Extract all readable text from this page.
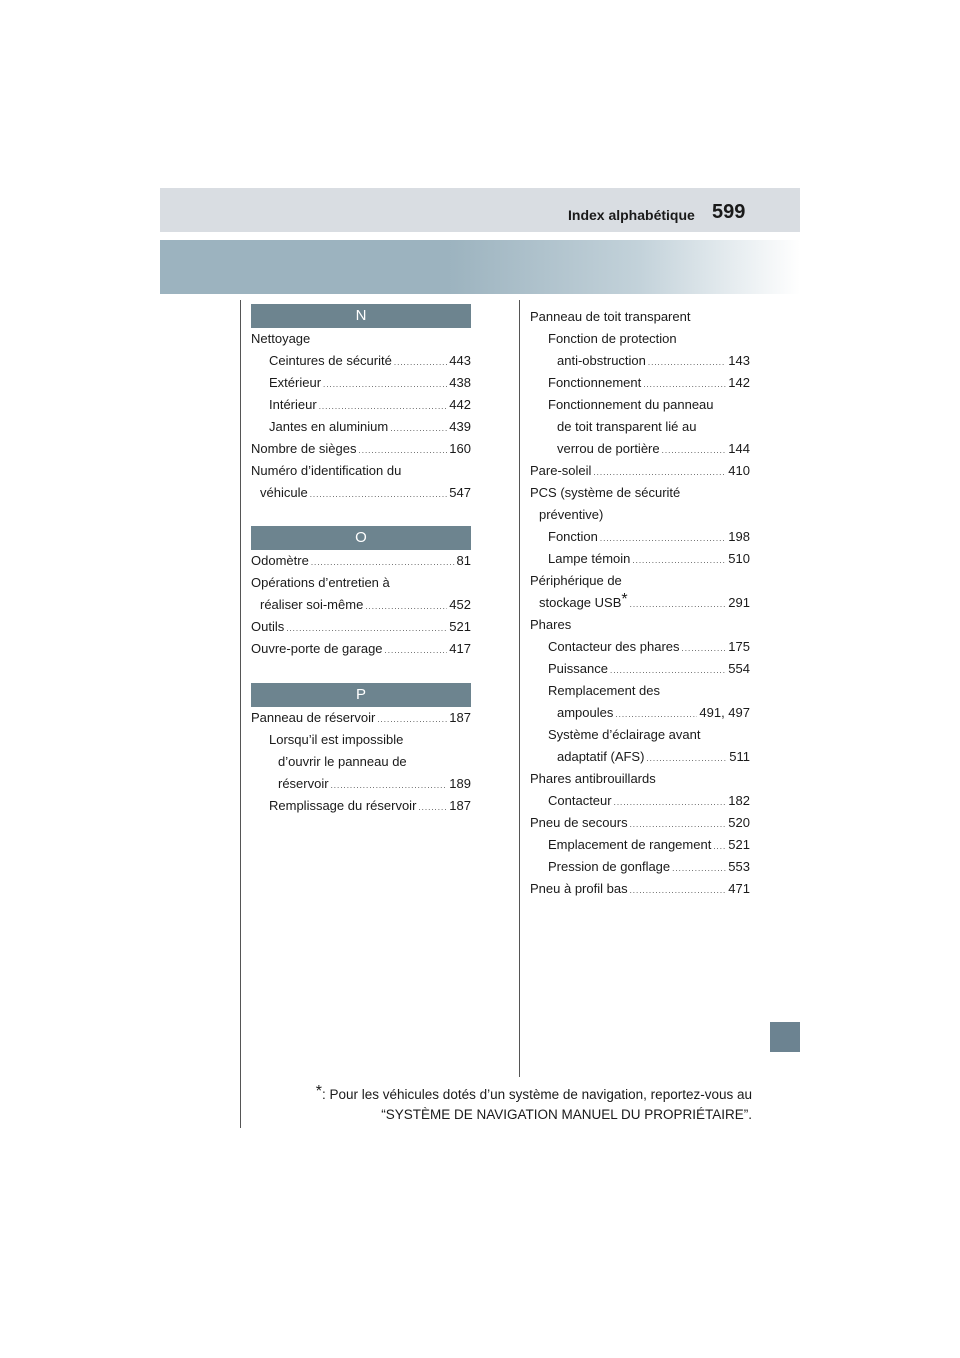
Index alphabétique 599
N
Nettoyage
Ceintures de sécurité .....	443
Extérieur .....	438
Intérieur .....	442
Jantes en aluminium .....	439
Nombre de sièges .....	160
Numéro d’identification du
véhicule .....	547
O
Odomètre .....	81
Opérations d’entretien à
réaliser soi-même .....	452
Outils .....	521
Ouvre-porte de garage .....	417
P
Panneau de réservoir .....	187
Lorsqu’il est impossible
d’ouvrir le panneau de
réservoir .....	189
Remplissage du réservoir .....	187
Panneau de toit transparent
Fonction de protection
anti-obstruction .....	143
Fonctionnement .....	142
Fonctionnement du panneau
de toit transparent lié au
verrou de portière .....	144
Pare-soleil .....	410
PCS (système de sécurité
préventive)
Fonction .....	198
Lampe témoin .....	510
Périphérique de
stockage USB * .....	291
Phares
Contacteur des phares .....	175
Puissance .....	554
Remplacement des
ampoules .....	491, 497
Système d’éclairage avant
adaptatif (AFS) .....	511
Phares antibrouillards
Contacteur .....	182
Pneu de secours .....	520
Emplacement de rangement ..... 521
Pression de gonflage .....	553
Pneu à profil bas .....	471
*: Pour les véhicules dotés d’un système de navigation, reportez-vous au
“SYSTÈME DE NAVIGATION MANUEL DU PROPRIÉTAIRE”.
